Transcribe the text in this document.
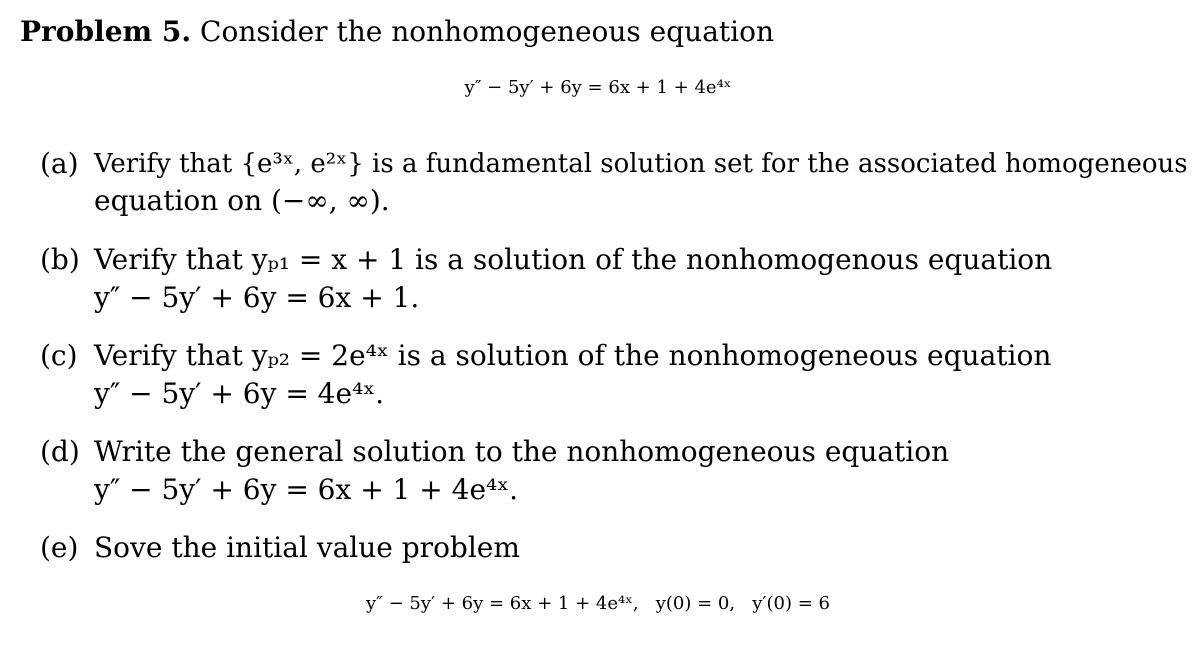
Problem 5. Consider the nonhomogeneous equation
y″ − 5y′ + 6y = 6x + 1 + 4e⁴ˣ
(a) Verify that {e³ˣ, e²ˣ} is a fundamental solution set for the associated homogeneous
equation on (−∞, ∞).
(b) Verify that yₚ₁ = x + 1 is a solution of the nonhomogenous equation
y″ − 5y′ + 6y = 6x + 1.
(c) Verify that yₚ₂ = 2e⁴ˣ is a solution of the nonhomogeneous equation
y″ − 5y′ + 6y = 4e⁴ˣ.
(d) Write the general solution to the nonhomogeneous equation
y″ − 5y′ + 6y = 6x + 1 + 4e⁴ˣ.
(e) Sove the initial value problem
y″ − 5y′ + 6y = 6x + 1 + 4e⁴ˣ,   y(0) = 0,   y′(0) = 6
